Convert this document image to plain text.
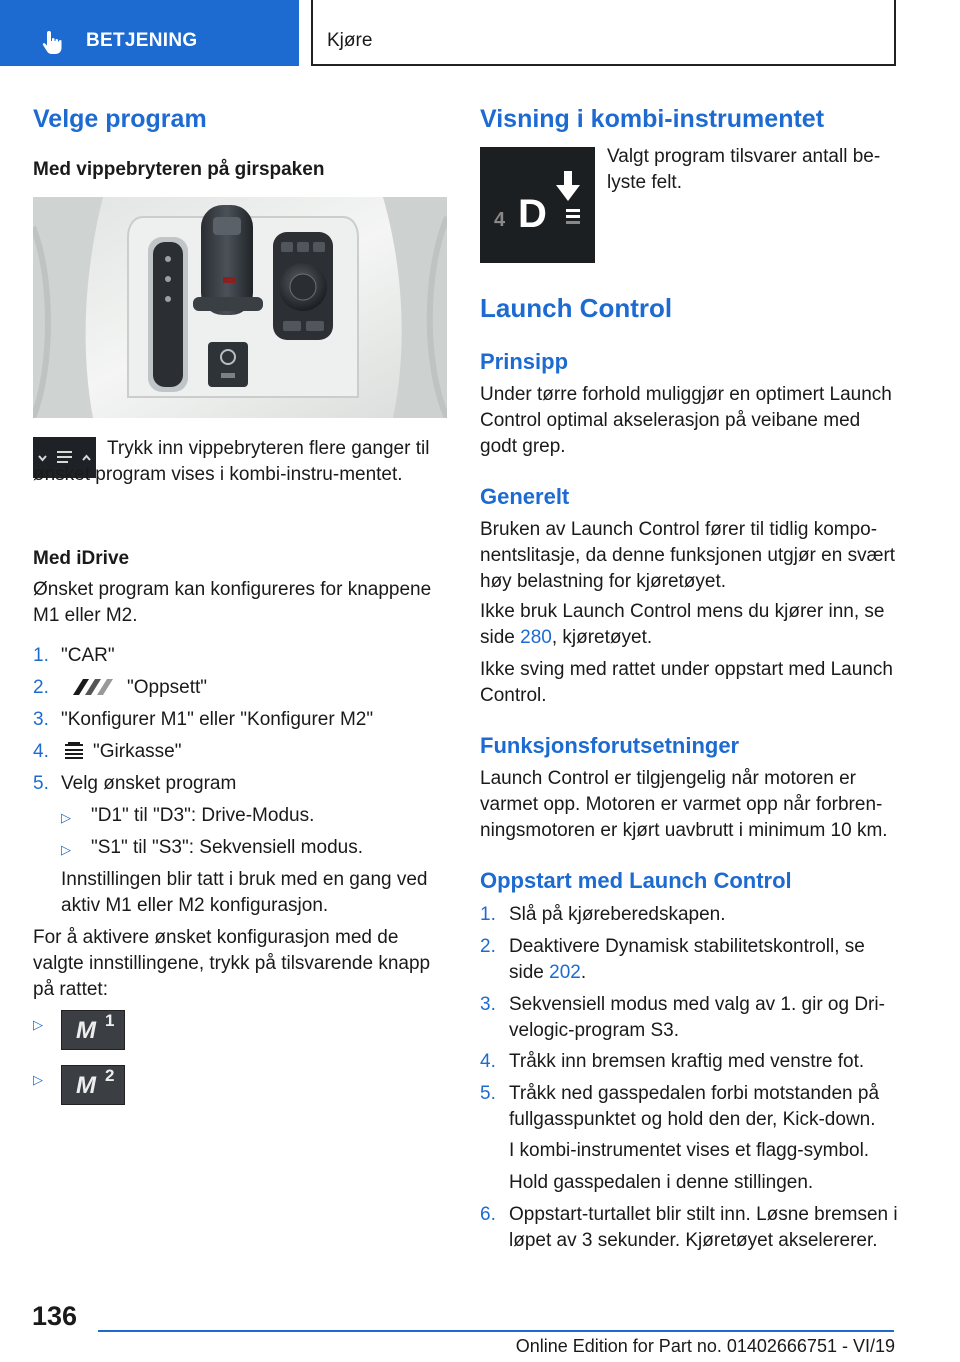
BETJENING	Kjøre
Velge program
Med vippebryteren på girspaken
Trykk inn vippebryteren flere ganger til ønsket program vises i kombi-instru-mentet.
Med iDrive
Ønsket program kan konfigureres for knappene M1 eller M2.
1. "CAR"
2.	"Oppsett"
3. "Konfigurer M1" eller "Konfigurer M2"
4. "Girkasse"
5. Velg ønsket program
▷ "D1" til "D3": Drive-Modus.
▷ "S1" til "S3": Sekvensiell modus.
Innstillingen blir tatt i bruk med en gang ved aktiv M1 eller M2 konfigurasjon.
For å aktivere ønsket konfigurasjon med de valgte innstillingene, trykk på tilsvarende knapp på rattet:
▷ M 1
▷ M 2
Visning i kombi-instrumentet
4 D
Valgt program tilsvarer antall be-lyste felt.
Launch Control
Prinsipp
Under tørre forhold muliggjør en optimert Launch Control optimal akselerasjon på veibane med godt grep.
Generelt
Bruken av Launch Control fører til tidlig kompo-nentslitasje, da denne funksjonen utgjør en svært høy belastning for kjøretøyet.
Ikke bruk Launch Control mens du kjører inn, se side 280, kjøretøyet.
Ikke sving med rattet under oppstart med Launch Control.
Funksjonsforutsetninger
Launch Control er tilgjengelig når motoren er varmet opp. Motoren er varmet opp når forbren-ningsmotoren er kjørt uavbrutt i minimum 10 km.
Oppstart med Launch Control
1. Slå på kjøreberedskapen.
2. Deaktivere Dynamisk stabilitetskontroll, se side 202.
3. Sekvensiell modus med valg av 1. gir og Dri-velogic-program S3.
4. Tråkk inn bremsen kraftig med venstre fot.
5. Tråkk ned gasspedalen forbi motstanden på fullgasspunktet og hold den der, Kick-down.
I kombi-instrumentet vises et flagg-symbol.
Hold gasspedalen i denne stillingen.
6. Oppstart-turtallet blir stilt inn. Løsne bremsen i løpet av 3 sekunder. Kjøretøyet akselererer.
136
Online Edition for Part no. 01402666751 - VI/19
